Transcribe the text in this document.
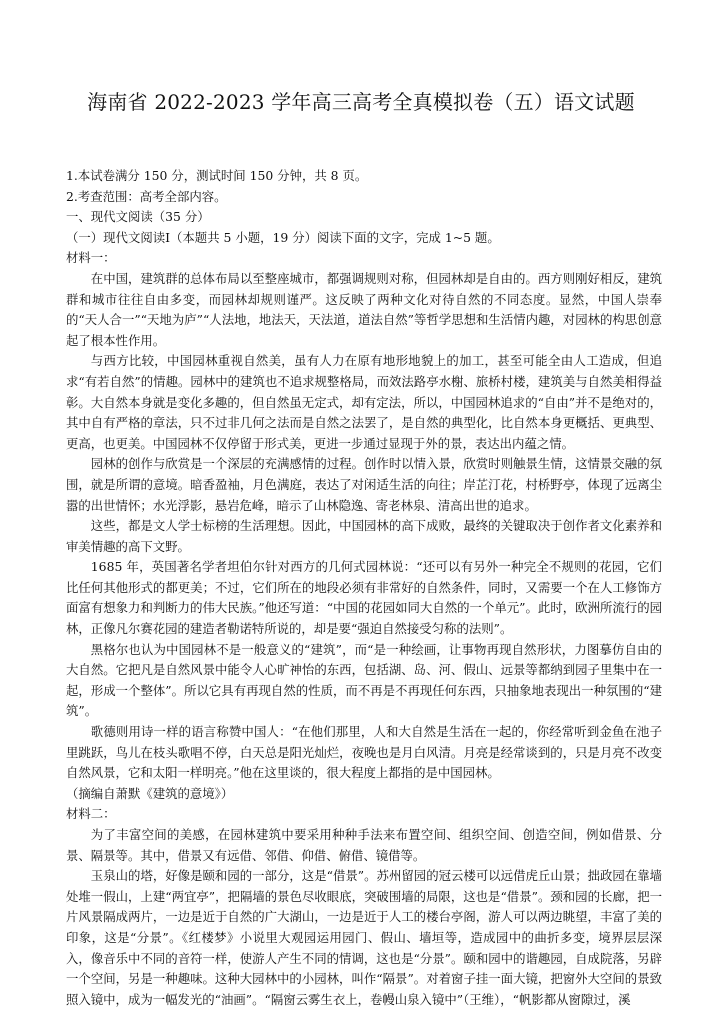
海南省 2022-2023 学年高三高考全真模拟卷（五）语文试题

1.本试卷满分 150 分，测试时间 150 分钟，共 8 页。

2.考查范围：高考全部内容。

一、现代文阅读（35 分）

（一）现代文阅读Ⅰ（本题共 5 小题，19 分）阅读下面的文字，完成 1~5 题。

材料一：

在中国，建筑群的总体布局以至整座城市，都强调规则对称，但园林却是自由的。西方则刚好相反，建筑群和城市往往自由多变，而园林却规则谨严。这反映了两种文化对待自然的不同态度。显然，中国人崇奉的“天人合一”“天地为庐”“人法地，地法天，天法道，道法自然”等哲学思想和生活情内趣，对园林的构思创意起了根本性作用。

与西方比较，中国园林重视自然美，虽有人力在原有地形地貌上的加工，甚至可能全由人工造成，但追求“有若自然”的情趣。园林中的建筑也不追求规整格局，而效法路亭水榭、旅桥村楼，建筑美与自然美相得益彰。大自然本身就是变化多趣的，但自然虽无定式，却有定法，所以，中国园林追求的“自由”并不是绝对的，其中自有严格的章法，只不过非几何之法而是自然之法罢了，是自然的典型化，比自然本身更概括、更典型、更高，也更美。中国园林不仅停留于形式美，更进一步通过显现于外的景，表达出内蕴之情。

园林的创作与欣赏是一个深层的充满感情的过程。创作时以情入景，欣赏时则触景生情，这情景交融的氛围，就是所谓的意境。暗香盈袖，月色满庭，表达了对闲适生活的向往；岸芷汀花，村桥野亭，体现了远离尘嚣的出世情怀；水光浮影，悬岩危峰，暗示了山林隐逸、寄老林泉、清高出世的追求。

这些，都是文人学士标榜的生活理想。因此，中国园林的高下成败，最终的关键取决于创作者文化素养和审美情趣的高下文野。

1685 年，英国著名学者坦伯尔针对西方的几何式园林说：“还可以有另外一种完全不规则的花园，它们比任何其他形式的都更美；不过，它们所在的地段必须有非常好的自然条件，同时，又需要一个在人工修饰方面富有想象力和判断力的伟大民族。”他还写道：“中国的花园如同大自然的一个单元”。此时，欧洲所流行的园林，正像凡尔赛花园的建造者勒诺特所说的，却是要“强迫自然接受匀称的法则”。

黑格尔也认为中国园林不是一般意义的“建筑”，而“是一种绘画，让事物再现自然形状，力图摹仿自由的大自然。它把凡是自然风景中能令人心旷神怡的东西，包括湖、岛、河、假山、远景等都纳到园子里集中在一起，形成一个整体”。所以它具有再现自然的性质，而不再是不再现任何东西，只抽象地表现出一种氛围的“建筑”。

歌德则用诗一样的语言称赞中国人：“在他们那里，人和大自然是生活在一起的，你经常听到金鱼在池子里跳跃，鸟儿在枝头歌唱不停，白天总是阳光灿烂，夜晚也是月白风清。月亮是经常谈到的，只是月亮不改变自然风景，它和太阳一样明亮。”他在这里谈的，很大程度上都指的是中国园林。

（摘编自萧默《建筑的意境》）

材料二：

为了丰富空间的美感，在园林建筑中要采用种种手法来布置空间、组织空间、创造空间，例如借景、分景、隔景等。其中，借景又有远借、邻借、仰借、俯借、镜借等。

玉泉山的塔，好像是颐和园的一部分，这是“借景”。苏州留园的冠云楼可以远借虎丘山景；拙政园在靠墙处堆一假山，上建“两宜亭”，把隔墙的景色尽收眼底，突破围墙的局限，这也是“借景”。颈和园的长廊，把一片风景隔成两片，一边是近于自然的广大湖山，一边是近于人工的楼台亭阁，游人可以两边眺望，丰富了美的印象，这是“分景”。《红楼梦》小说里大观园运用园门、假山、墙垣等，造成园中的曲折多变，境界层层深入，像音乐中不同的音符一样，使游人产生不同的情调，这也是“分景”。颐和园中的谐趣园，自成院落，另辟一个空间，另是一种趣味。这种大园林中的小园林，叫作“隔景”。对着窗子挂一面大镜，把窗外大空间的景致照入镜中，成为一幅发光的“油画”。“隔窗云雾生衣上，卷幔山泉入镜中”（王维），“帆影都从窗隙过，溪
